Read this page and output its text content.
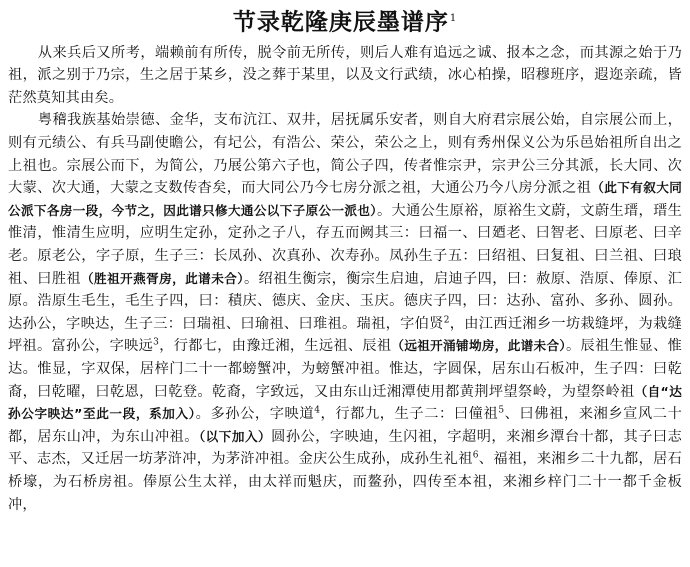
节录乾隆庚辰墨谱序$^1$

从来兵后又所考，端赖前有所传，脱令前无所传，则后人难有追远之诚、报本之念，而其源之始于乃祖，派之别于乃宗，生之居于某乡，没之葬于某里，以及文行武绩，冰心柏操，昭穆班序，遐迩亲疏，皆茫然莫知其由矣。

粤稽我族基始崇德、金华，支布沆江、双井，居抚属乐安者，则自大府君宗展公始，自宗展公而上，则有元绩公、有兵马副使瞻公，有圮公，有浩公、荣公，荣公之上，则有秀州保义公为乐邑始祖所自出之上祖也。宗展公而下，为简公，乃展公第六子也，简公子四，传者惟宗尹，宗尹公三分其派，长大同、次大蒙、次大通，大蒙之支数传杳矣，而大同公乃今七房分派之祖，大通公乃今八房分派之祖（此下有叙大同公派下各房一段，今节之，因此谱只修大通公以下子原公一派也）。大通公生原裕，原裕生文蔚，文蔚生瑨，瑨生惟清，惟清生应明，应明生定孙，定孙之子八，存五而阙其三：曰福一、曰廼老、曰智老、曰原老、曰辛老。原老公，字子原，生子三：长凤孙、次真孙、次寿孙。凤孙生子五：曰绍祖、曰复祖、曰兰祖、曰琅祖、曰胜祖（胜祖开燕胥房，此谱未合）。绍祖生衡宗，衡宗生启迪，启迪子四，曰：赦原、浩原、俸原、汇原。浩原生毛生，毛生子四，曰：積庆、德庆、金庆、玉庆。德庆子四，曰：达孙、富孙、多孙、圆孙。达孙公，字映达，生子三：曰瑞祖、曰瑜祖、曰琟祖。瑞祖，字伯贤$^2$，由江西迁湘乡一坊栽缝坪，为栽缝坪祖。富孙公，字映远$^3$，行都七，由豫迁湘，生远祖、辰祖（远祖开涌铺坳房，此谱未合）。辰祖生惟显、惟达。惟显，字双保，居梓门二十一都螃蟹冲，为螃蟹冲祖。惟达，字圆保，居东山石板冲，生子四：曰乾裔，曰乾曜，曰乾恩，曰乾登。乾裔，字致远，又由东山迁湘潭使用都黄荆坪望祭岭，为望祭岭祖（自“达孙公字映达”至此一段，系加入）。多孙公，字映道$^4$，行都九，生子二：曰僮祖$^5$、曰佛祖，来湘乡宣风二十都，居东山冲，为东山冲祖。（以下加入）圆孙公，字映迪，生闪祖，字超明，来湘乡潭台十都，其子曰志平、志杰，又迁居一坊茅浒冲，为茅浒冲祖。金庆公生成孙，成孙生礼祖$^6$、福祖，来湘乡二十九都，居石桥壕，为石桥房祖。俸原公生太祥，由太祥而魁庆，而鳌孙，四传至本祖，来湘乡梓门二十一都千金板冲，
